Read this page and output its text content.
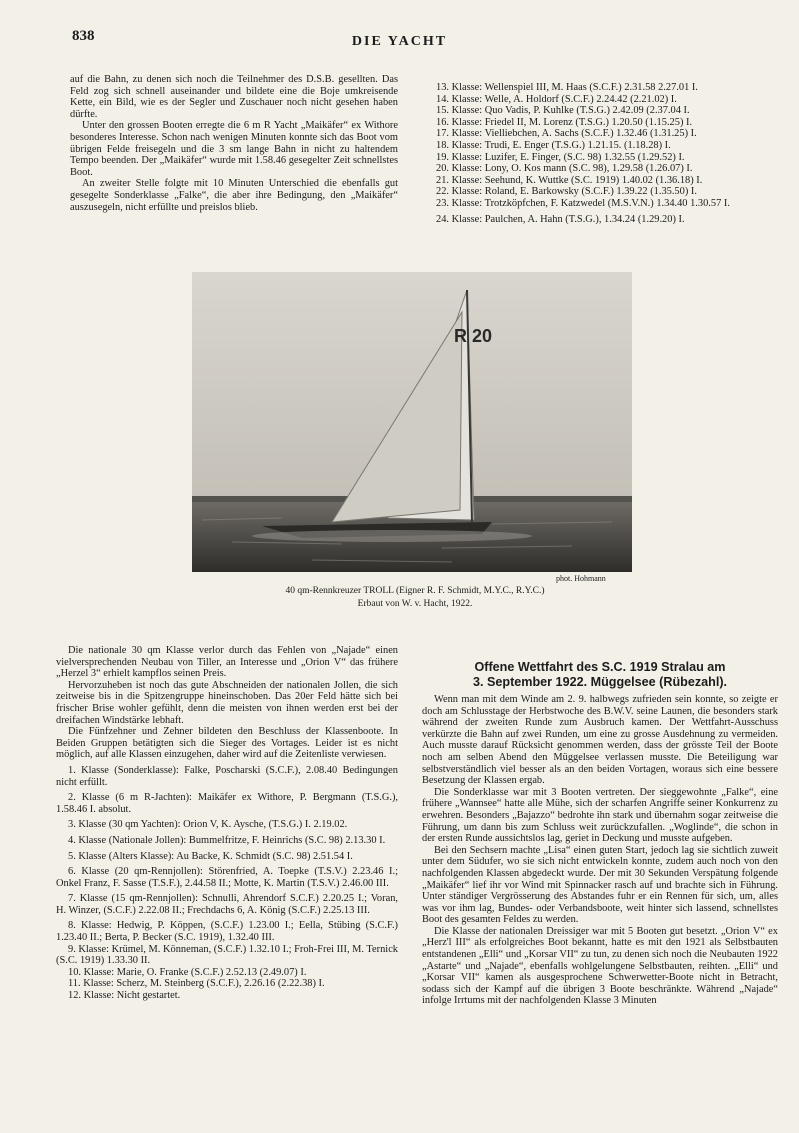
838	DIE YACHT

auf die Bahn, zu denen sich noch die Teilnehmer des D.S.B. gesellten. Das Feld zog sich schnell auseinander und bildete eine die Boje umkreisende Kette, ein Bild, wie es der Segler und Zuschauer noch nicht gesehen haben dürfte.

Unter den grossen Booten erregte die 6 m R Yacht „Maikäfer“ ex Withore besonderes Interesse. Schon nach wenigen Minuten konnte sich das Boot vom übrigen Felde freisegeln und die 3 sm lange Bahn in nicht zu haltendem Tempo beenden. Der „Maikäfer“ wurde mit 1.58.46 gesegelter Zeit schnellstes Boot.

An zweiter Stelle folgte mit 10 Minuten Unterschied die ebenfalls gut gesegelte Sonderklasse „Falke“, die aber ihre Bedingung, den „Maikäfer“ auszusegeln, nicht erfüllte und preislos blieb.

13. Klasse: Wellenspiel III, M. Haas (S.C.F.) 2.31.58 2.27.01 I.
14. Klasse: Welle, A. Holdorf (S.C.F.) 2.24.42 (2.21.02) I.
15. Klasse: Quo Vadis, P. Kuhlke (T.S.G.) 2.42.09 (2.37.04 I.
16. Klasse: Friedel II, M. Lorenz (T.S.G.) 1.20.50 (1.15.25) I.
17. Klasse: Vielliebchen, A. Sachs (S.C.F.) 1.32.46 (1.31.25) I.
18. Klasse: Trudi, E. Enger (T.S.G.) 1.21.15. (1.18.28) I.
19. Klasse: Luzifer, E. Finger, (S.C. 98) 1.32.55 (1.29.52) I.
20. Klasse: Lony, O. Kos mann (S.C. 98), 1.29.58 (1.26.07) I.
21. Klasse: Seehund, K. Wuttke (S.C. 1919) 1.40.02 (1.36.18) I.
22. Klasse: Roland, E. Barkowsky (S.C.F.) 1.39.22 (1.35.50) I.
23. Klasse: Trotzköpfchen, F. Katzwedel (M.S.V.N.) 1.34.40 1.30.57 I.
24. Klasse: Paulchen, A. Hahn (T.S.G.), 1.34.24 (1.29.20) I.
R 20
phot. Hohmann
40 qm-Rennkreuzer TROLL (Eigner R. F. Schmidt, M.Y.C., R.Y.C.)
Erbaut von W. v. Hacht, 1922.

Die nationale 30 qm Klasse verlor durch das Fehlen von „Najade“ einen vielversprechenden Neubau von Tiller, an Interesse und „Orion V“ das frühere „Herzel 3“ erhielt kampflos seinen Preis.

Hervorzuheben ist noch das gute Abschneiden der nationalen Jollen, die sich zeitweise bis in die Spitzengruppe hineinschoben. Das 20er Feld hätte sich bei frischer Brise wohler gefühlt, denn die meisten von ihnen werden erst bei der dreifachen Windstärke lebhaft.

Die Fünfzehner und Zehner bildeten den Beschluss der Klassenboote. In Beiden Gruppen betätigten sich die Sieger des Vortages. Leider ist es nicht möglich, auf alle Klassen einzugehen, daher wird auf die Zeitenliste verwiesen.

1. Klasse (Sonderklasse): Falke, Poscharski (S.C.F.), 2.08.40 Bedingungen nicht erfüllt.

2. Klasse (6 m R-Jachten): Maikäfer ex Withore, P. Bergmann (T.S.G.), 1.58.46 I. absolut.

3. Klasse (30 qm Yachten): Orion V, K. Aysche, (T.S.G.) I. 2.19.02.

4. Klasse (Nationale Jollen): Bummelfritze, F. Heinrichs (S.C. 98) 2.13.30 I.

5. Klasse (Alters Klasse): Au Backe, K. Schmidt (S.C. 98) 2.51.54 I.

6. Klasse (20 qm-Rennjollen): Störenfried, A. Toepke (T.S.V.) 2.23.46 I.; Onkel Franz, F. Sasse (T.S.F.), 2.44.58 II.; Motte, K. Martin (T.S.V.) 2.46.00 III.

7. Klasse (15 qm-Rennjollen): Schnulli, Ahrendorf S.C.F.) 2.20.25 I.; Voran, H. Winzer, (S.C.F.) 2.22.08 II.; Frechdachs 6, A. König (S.C.F.) 2.25.13 III.

8. Klasse: Hedwig, P. Köppen, (S.C.F.) 1.23.00 I.; Eella, Stübing (S.C.F.) 1.23.40 II.; Berta, P. Becker (S.C. 1919), 1.32.40 III.

9. Klasse: Krümel, M. Könneman, (S.C.F.) 1.32.10 I.; Froh-Frei III, M. Ternick (S.C. 1919) 1.33.30 II.

10. Klasse: Marie, O. Franke (S.C.F.) 2.52.13 (2.49.07) I.

11. Klasse: Scherz, M. Steinberg (S.C.F.), 2.26.16 (2.22.38) I.

12. Klasse: Nicht gestartet.

Offene Wettfahrt des S.C. 1919 Stralau am
3. September 1922. Müggelsee (Rübezahl).

Wenn man mit dem Winde am 2. 9. halbwegs zufrieden sein konnte, so zeigte er doch am Schlusstage der Herbstwoche des B.W.V. seine Launen, die besonders stark während der zweiten Runde zum Ausbruch kamen. Der Wettfahrt-Ausschuss verkürzte die Bahn auf zwei Runden, um eine zu grosse Ausdehnung zu vermeiden. Auch musste darauf Rücksicht genommen werden, dass der grösste Teil der Boote noch am selben Abend den Müggelsee verlassen musste. Die Beteiligung war selbstverständlich viel besser als an den beiden Vortagen, woraus sich eine bessere Besetzung der Klassen ergab.

Die Sonderklasse war mit 3 Booten vertreten. Der sieggewohnte „Falke“, eine frühere „Wannsee“ hatte alle Mühe, sich der scharfen Angriffe seiner Konkurrenz zu erwehren. Besonders „Bajazzo“ bedrohte ihn stark und übernahm sogar zeitweise die Führung, um dann bis zum Schluss weit zurückzufallen. „Woglinde“, die schon in der ersten Runde aussichtslos lag, geriet in Deckung und musste aufgeben.

Bei den Sechsern machte „Lisa“ einen guten Start, jedoch lag sie sichtlich zuweit unter dem Südufer, wo sie sich nicht entwickeln konnte, zudem auch noch von den nachfolgenden Klassen abgedeckt wurde. Der mit 30 Sekunden Verspätung folgende „Maikäfer“ lief ihr vor Wind mit Spinnacker rasch auf und brachte sich in Führung. Unter ständiger Vergrösserung des Abstandes fuhr er ein Rennen für sich, um, alles was vor ihm lag, Bundes- oder Verbandsboote, weit hinter sich lassend, schnellstes Boot des gesamten Feldes zu werden.

Die Klasse der nationalen Dreissiger war mit 5 Booten gut besetzt. „Orion V“ ex „Herz'l III“ als erfolgreiches Boot bekannt, hatte es mit den 1921 als Selbstbauten entstandenen „Elli“ und „Korsar VII“ zu tun, zu denen sich noch die Neubauten 1922 „Astarte“ und „Najade“, ebenfalls wohlgelungene Selbstbauten, reihten. „Elli“ und „Korsar VII“ kamen als ausgesprochene Schwerwetter-Boote nicht in Betracht, sodass sich der Kampf auf die übrigen 3 Boote beschränkte. Während „Najade“ infolge Irrtums mit der nachfolgenden Klasse 3 Minuten
